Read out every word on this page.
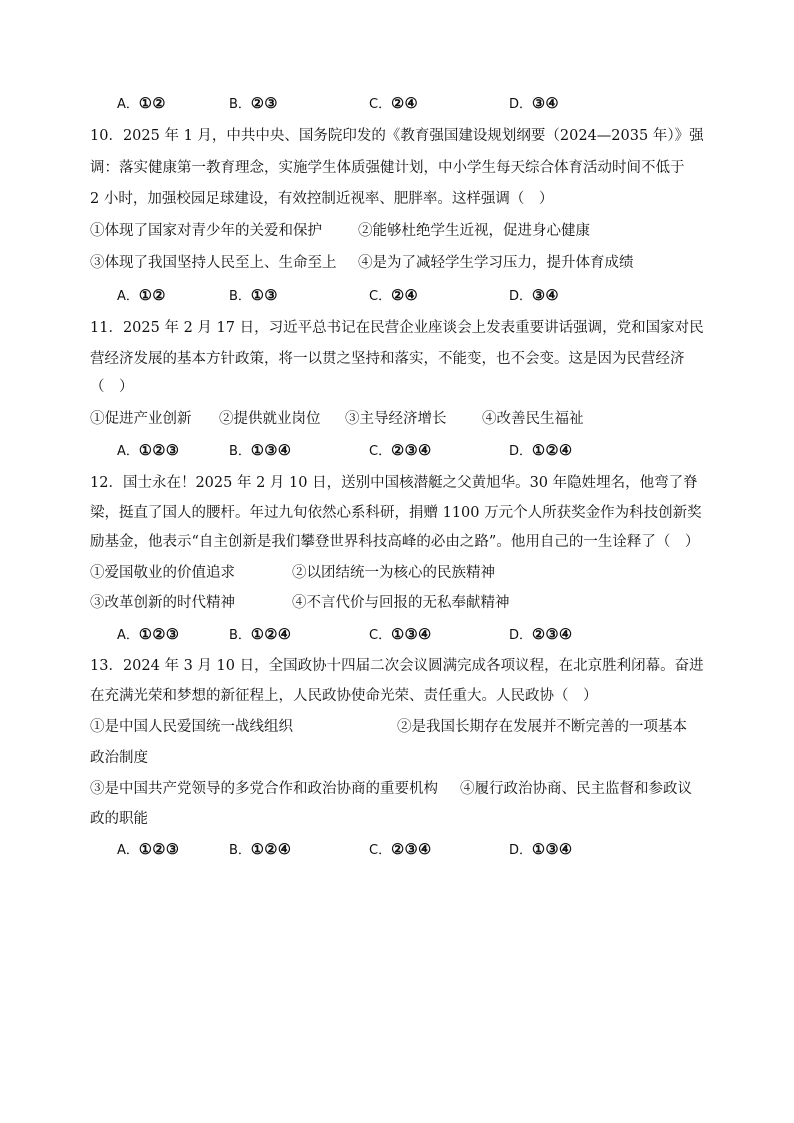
A．①②	B．②③	C．②④	D．③④
10．2025 年 1 月，中共中央、国务院印发的《教育强国建设规划纲要（2024—2035 年）》强
调：落实健康第一教育理念，实施学生体质强健计划，中小学生每天综合体育活动时间不低于
2 小时，加强校园足球建设，有效控制近视率、肥胖率。这样强调（　）
①体现了国家对青少年的关爱和保护 ②能够杜绝学生近视，促进身心健康
③体现了我国坚持人民至上、生命至上 ④是为了减轻学生学习压力，提升体育成绩
A．①②	B．①③	C．②④	D．③④
11．2025 年 2 月 17 日，习近平总书记在民营企业座谈会上发表重要讲话强调，党和国家对民
营经济发展的基本方针政策，将一以贯之坚持和落实，不能变，也不会变。这是因为民营经济
（　）
①促进产业创新 ②提供就业岗位 ③主导经济增长 ④改善民生福祉
A．①②③	B．①③④	C．②③④	D．①②④
12．国士永在！2025 年 2 月 10 日，送别中国核潜艇之父黄旭华。30 年隐姓埋名，他弯了脊
梁，挺直了国人的腰杆。年过九旬依然心系科研，捐赠 1100 万元个人所获奖金作为科技创新奖
励基金，他表示“自主创新是我们攀登世界科技高峰的必由之路”。他用自己的一生诠释了（　）
①爱国敬业的价值追求	②以团结统一为核心的民族精神
③改革创新的时代精神	④不言代价与回报的无私奉献精神
A．①②③	B．①②④	C．①③④	D．②③④
13．2024 年 3 月 10 日，全国政协十四届二次会议圆满完成各项议程，在北京胜利闭幕。奋进
在充满光荣和梦想的新征程上，人民政协使命光荣、责任重大。人民政协（　）
①是中国人民爱国统一战线组织	②是我国长期存在发展并不断完善的一项基本
政治制度
③是中国共产党领导的多党合作和政治协商的重要机构 ④履行政治协商、民主监督和参政议
政的职能
A．①②③	B．①②④	C．②③④	D．①③④
